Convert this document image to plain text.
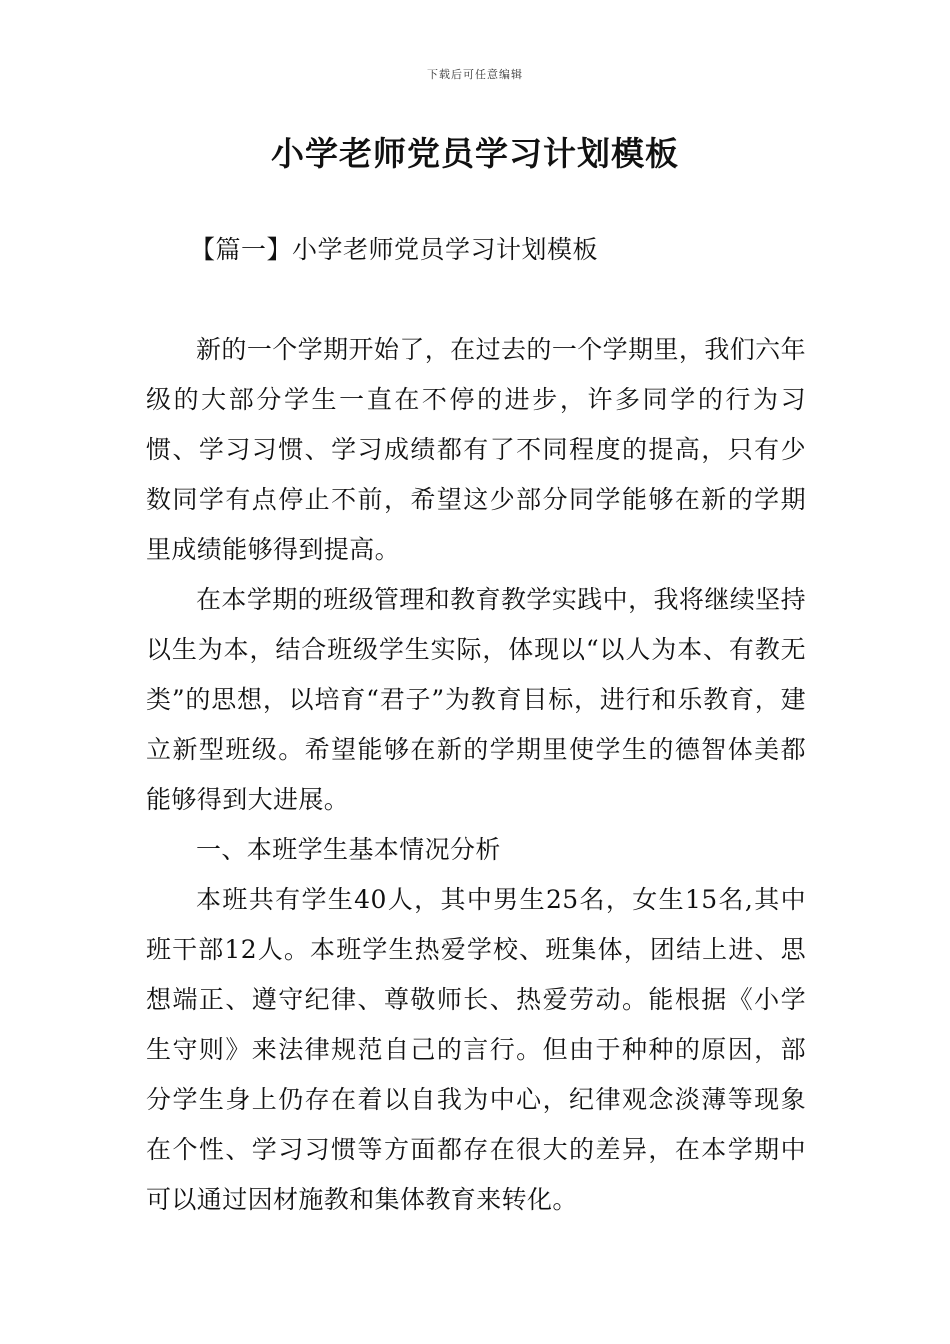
下载后可任意编辑
小学老师党员学习计划模板
【篇一】小学老师党员学习计划模板

新的一个学期开始了，在过去的一个学期里，我们六年级的大部分学生一直在不停的进步，许多同学的行为习惯、学习习惯、学习成绩都有了不同程度的提高，只有少数同学有点停止不前，希望这少部分同学能够在新的学期里成绩能够得到提高。

在本学期的班级管理和教育教学实践中，我将继续坚持以生为本，结合班级学生实际，体现以“以人为本、有教无类”的思想，以培育“君子”为教育目标，进行和乐教育，建立新型班级。希望能够在新的学期里使学生的德智体美都能够得到大进展。

一、本班学生基本情况分析

本班共有学生40人，其中男生25名，女生15名,其中班干部12人。本班学生热爱学校、班集体，团结上进、思想端正、遵守纪律、尊敬师长、热爱劳动。能根据《小学生守则》来法律规范自己的言行。但由于种种的原因，部分学生身上仍存在着以自我为中心，纪律观念淡薄等现象在个性、学习习惯等方面都存在很大的差异，在本学期中可以通过因材施教和集体教育来转化。
